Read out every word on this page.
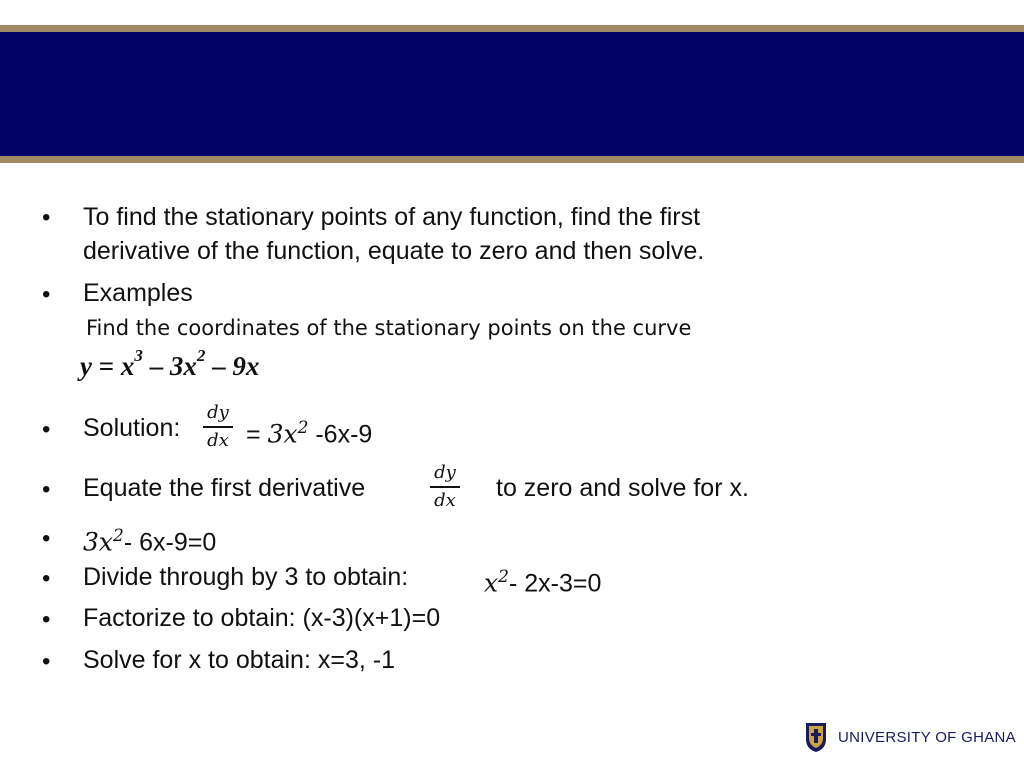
• To find the stationary points of any function, find the first
derivative of the function, equate to zero and then solve.
• Examples
Find the coordinates of the stationary points on the curve
$y = x^3 - 3x^2 - 9x$
• Solution:
dy
dx = $3x^2$ -6x-9
• Equate the first derivative
dy
dx to zero and solve for x.
• $3x^2-$ 6x-9=0
• Divide through by 3 to obtain:	$x^2-$ 2x-3=0
• Factorize to obtain: (x-3)(x+1)=0
• Solve for x to obtain: x=3, -1
UNIVERSITY OF GHANA
